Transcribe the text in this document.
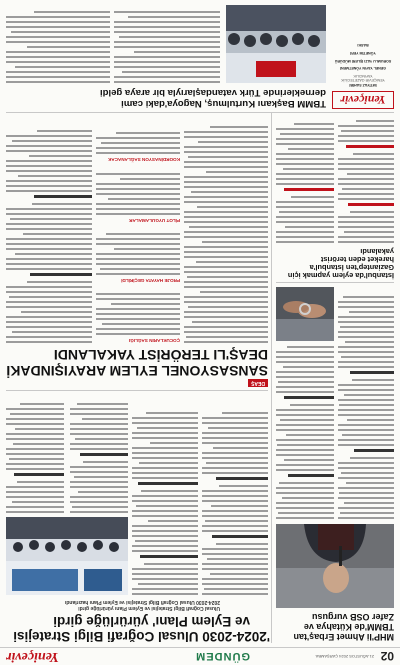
02
21 AĞUSTOS 2024 ÇARŞAMBA
GÜNDEM
Yeniçevir
'2024-2030 Ulusal Coğrafi Bilgi Stratejisi
ve Eylem Planı' yürürlüğe girdi
Ulusal Coğrafi Bilgi Stratejisi ve Eylem Planı yürürlüğe girdi
2024-2030 Ulusal Coğrafi Bilgi Stratejisi ve Eylem Planı hazırlandı
MHP'li Ahmet Erbaş'tan
TBMM'de Kütahya ve
Zafer OSB vurgusu
DEAŞ
SANSASYONEL EYLEM ARAYIŞINDAKİ
DEAŞ'LI TERÖRİST YAKALANDI
ÇOCUKLARIN SAĞLIĞI
PROJE HAYATA GEÇİRİLDİ
PİLOT UYGULAMALAR
KOORDİNASYON SAĞLANACAK
İstanbul'da eylem yapmak için
Gaziantep'ten İstanbul'a
hareket eden terörist
yakalandı
TBMM Başkanı Kurtulmuş, Nagoya'daki cami
derneklerinde Türk vatandaşlarıyla bir araya geldi
Yeniçevir
İMTİYAZ SAHİBİ
YENİÇEVİR GAZETECİLİK YAYINCILIK
GENEL YAYIN YÖNETMENİ
SORUMLU YAZI İŞLERİ MÜDÜRÜ
YÖNETİM YERİ
BASKI
